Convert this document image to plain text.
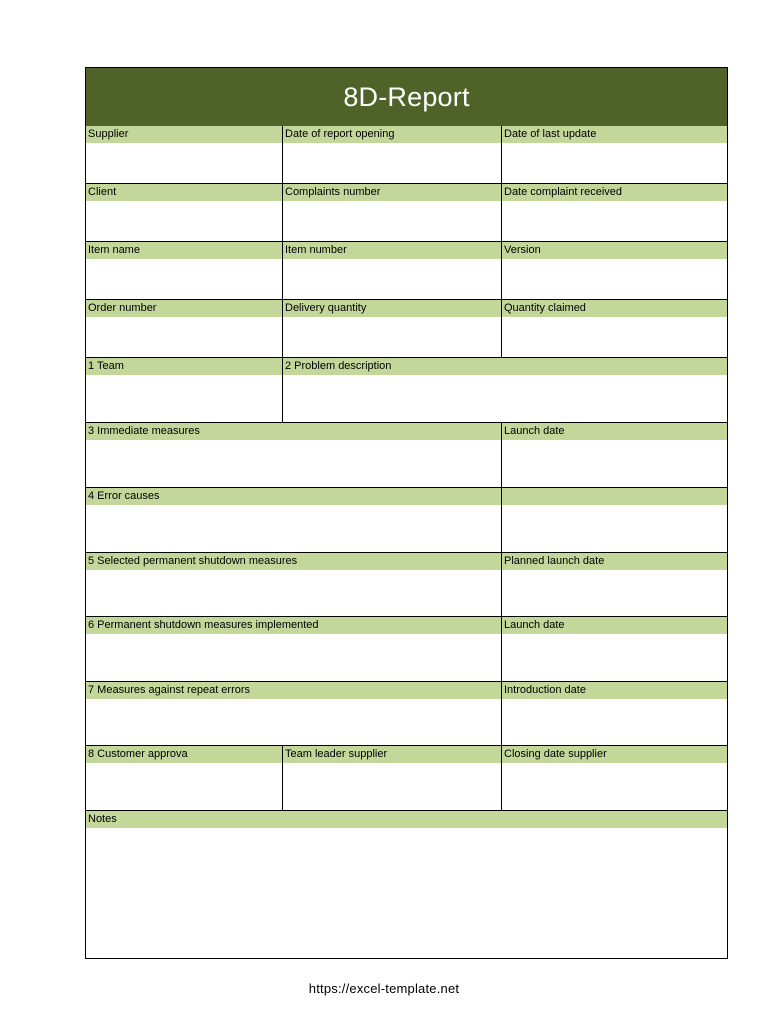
8D-Report
Supplier	Date of report opening	Date of last update
Client	Complaints number	Date complaint received
Item name	Item number	Version
Order number	Delivery quantity	Quantity claimed
1 Team	2 Problem description
3 Immediate measures	Launch date
4 Error causes
5 Selected permanent shutdown measures	Planned launch date
6 Permanent shutdown measures implemented	Launch date
7 Measures against repeat errors	Introduction date
8 Customer approva	Team leader supplier	Closing date supplier
Notes
https://excel-template.net
